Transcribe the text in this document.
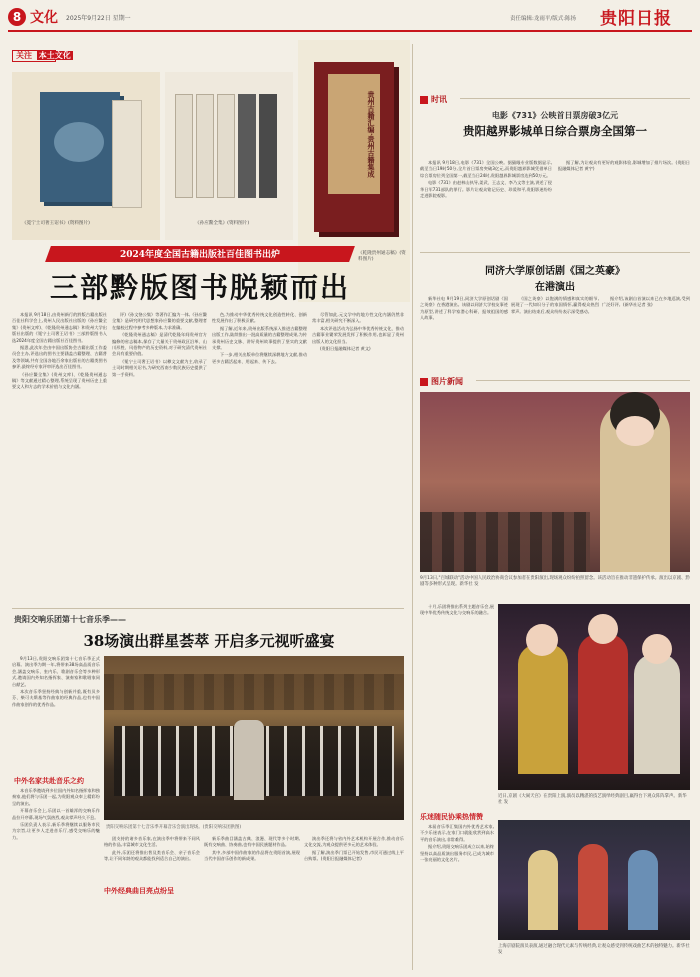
8 文化 2025年9月22日 星期一	责任编辑:龙雨平/版式:陈扬 贵阳日报
关注 本土文化
《冕宁土司奢王诏书》(资料图片)	《孙应鳌全集》(资料图片)
贵州古籍汇编·贵州古籍集成
《乾隆贵州通志稿》(资料图片)
2024年度全国古籍出版社百佳图书出炉
三部黔版图书脱颖而出

本报讯 9月18日,由贵州新行的黔版古籍出版社百佳社科学会上,贵州人民出版社出版的《孙应鳌全集》(贵州文库)、《乾隆贵州通志稿》和贵州大学出版社出版的《冕宁土司奢王诏书》三部黔版图书入选2024年度全国古籍出版社百佳图书。

据悉,此次年会由中国出版协会古籍出版工作委员会主办,评选出的图书主要涵盖古籍整理、古籍普及等领域,共有全国各地百余家出版社的古籍类图书参评,最终经专家评审评选出百佳图书。

《孙应鳌全集》(贵州文库)、《乾隆贵州通志稿》等文献通过精心整理,系统呈现了贵州历史上重要文人和方志的学术价值与文化内涵。

评)《孙文恪公集》等著作汇编为一体,《孙应鳌全集》是研究明代思想家孙应鳌的重要文献,整理者在编校过程中参考多种版本,力求准确。

《乾隆贵州通志稿》是清代乾隆年间贵州官方编修的省志稿本,保存了大量关于贵州政区沿革、山川形胜、风俗物产的历史资料,对于研究清代贵州社会具有重要价值。

《冕宁土司奢王诏书》以彝文文献为主,收录了土司时期相关诏书,为研究西南少数民族历史提供了第一手资料。

色,为推动中华优秀传统文化创造性转化、创新性发展作出了积极贡献。

据了解,近年来,贵州出版系统深入推进古籍整理出版工作,陆续推出一批高质量的古籍整理成果,为传承贵州历史文脉、讲好贵州故事提供了坚实的文献支撑。

下一步,相关出版单位将继续深耕地方文献,推动更多古籍活起来、用起来、传下去。

尽管如此,元文学中的地方性文化内涵仍然非常丰富,相关研究不断深入。

本次评选活动为弘扬中华优秀传统文化、推动古籍事业繁荣发展发挥了积极作用,也彰显了贵州出版人的文化担当。

(贵阳日报融媒体记者 黄文)

贵阳交响乐团第十七音乐季——
38场演出群星荟萃 开启多元视听盛宴

9月13日,贵阳交响乐团第十七音乐季正式启幕。演出季为期一年,将带来38场高品质音乐会,涵盖交响乐、室内乐、歌剧音乐会等多种形式,邀请国内外知名指挥家、演奏家和歌唱家同台献艺。

本次音乐季坚持经典与创新并重,既有贝多芬、柴可夫斯基等作曲家的经典作品,也有中国作曲家创作的优秀作品。

贵阳交响乐团第十七音乐季开幕音乐会演出现场。(贵阳交响乐团供图)
中外名家共赴音乐之约

本音乐季邀请到多位国内外知名指挥家和独奏家,他们将与乐团一起,为贵阳观众奉上精彩纷呈的演出。

开幕音乐会上,乐团以一首雄浑的交响乐作品拉开序幕,现场气氛热烈,观众掌声经久不息。

乐团负责人表示,新乐季将继续以服务市民为宗旨,让更多人走进音乐厅,感受交响乐的魅力。	团支持的诸多音乐家,在演出季中将带来不同风格的作品,丰富城市文化生活。

此外,乐团还将推出普及类音乐会、亲子音乐会等,让不同年龄的观众都能找到适合自己的演出。

中外经典曲目亮点纷呈

新乐季曲目涵盖古典、浪漫、现代等多个时期,既有交响曲、协奏曲,也有中国民族题材作品。

其中,多部中国作曲家的作品将在贵阳首演,展现当代中国音乐创作的新成果。

演出季还将与省内外艺术机构开展合作,推动音乐文化交流,为观众提供更多元的艺术体验。

据了解,演出季门票已开始发售,市民可通过线上平台购票。(贵阳日报融媒体记者)

时讯
电影《731》公映首日票房破3亿元
贵阳越界影城单日综合票房全国第一

本报讯 9月18日,电影《731》全国公映。据猫眼专业版数据显示,截至当日19时50分,全片首日票房突破3亿元,而贵阳越界影城凭借单日综合票房位列全国第一,截至当日24时,贵阳越界影城票房达到50万元。

电影《731》由赵林山执导,姜武、王志文、李乃文等主演,讲述了侵华日军731部队的罪行。影片让观众铭记历史、珍爱和平,贵阳影迷纷纷走进影院观影。

据了解,为让观众有更好的观影体验,影城增加了排片场次。(贵阳日报融媒体记者 黄宇)

同济大学原创话剧《国之英豪》
在港演出

新华社电 9月19日,同济大学原创话剧《国之英豪》在香港演出。该剧以同济大学校友事迹为原型,讲述了科学家潜心科研、报效祖国的感人故事。

《国之英豪》以饱满的情感和真实的细节,展现了一代知识分子的家国情怀,赢得观众热烈掌声。演出结束后,观众纷纷表示深受感动。

据介绍,该剧自首演以来已在多地巡演,受到广泛好评。(新华社记者 张)

图片新闻
9月13日,"百城联动"活动中国人民政治协商会议参加者在贵阳演出,现场观众纷纷拍照留念。该活动旨在推动非遗保护传承。演出以京剧、黔剧等多种形式呈现。新华社 发
近日,京剧《大闹天宫》在贵阳上演,演员以精湛的技艺演绎经典剧目,赢得台下观众阵阵掌声。新华社 发

十月,乐团将推出系列主题音乐会,展现中华优秀传统文化与交响乐的融合。

乐迷随民协乘热情赞

本届音乐季汇集国内外优秀艺术家,不少乐迷表示,在家门口就能欣赏到高水平的音乐演出,非常难得。

据介绍,贵阳交响乐团成立以来,始终坚持以高品质演出服务市民,已成为城市一张亮丽的文化名片。

上海京剧院演员表演,通过融合现代元素与传统经典,让观众感受到传统戏曲艺术的独特魅力。新华社 发
